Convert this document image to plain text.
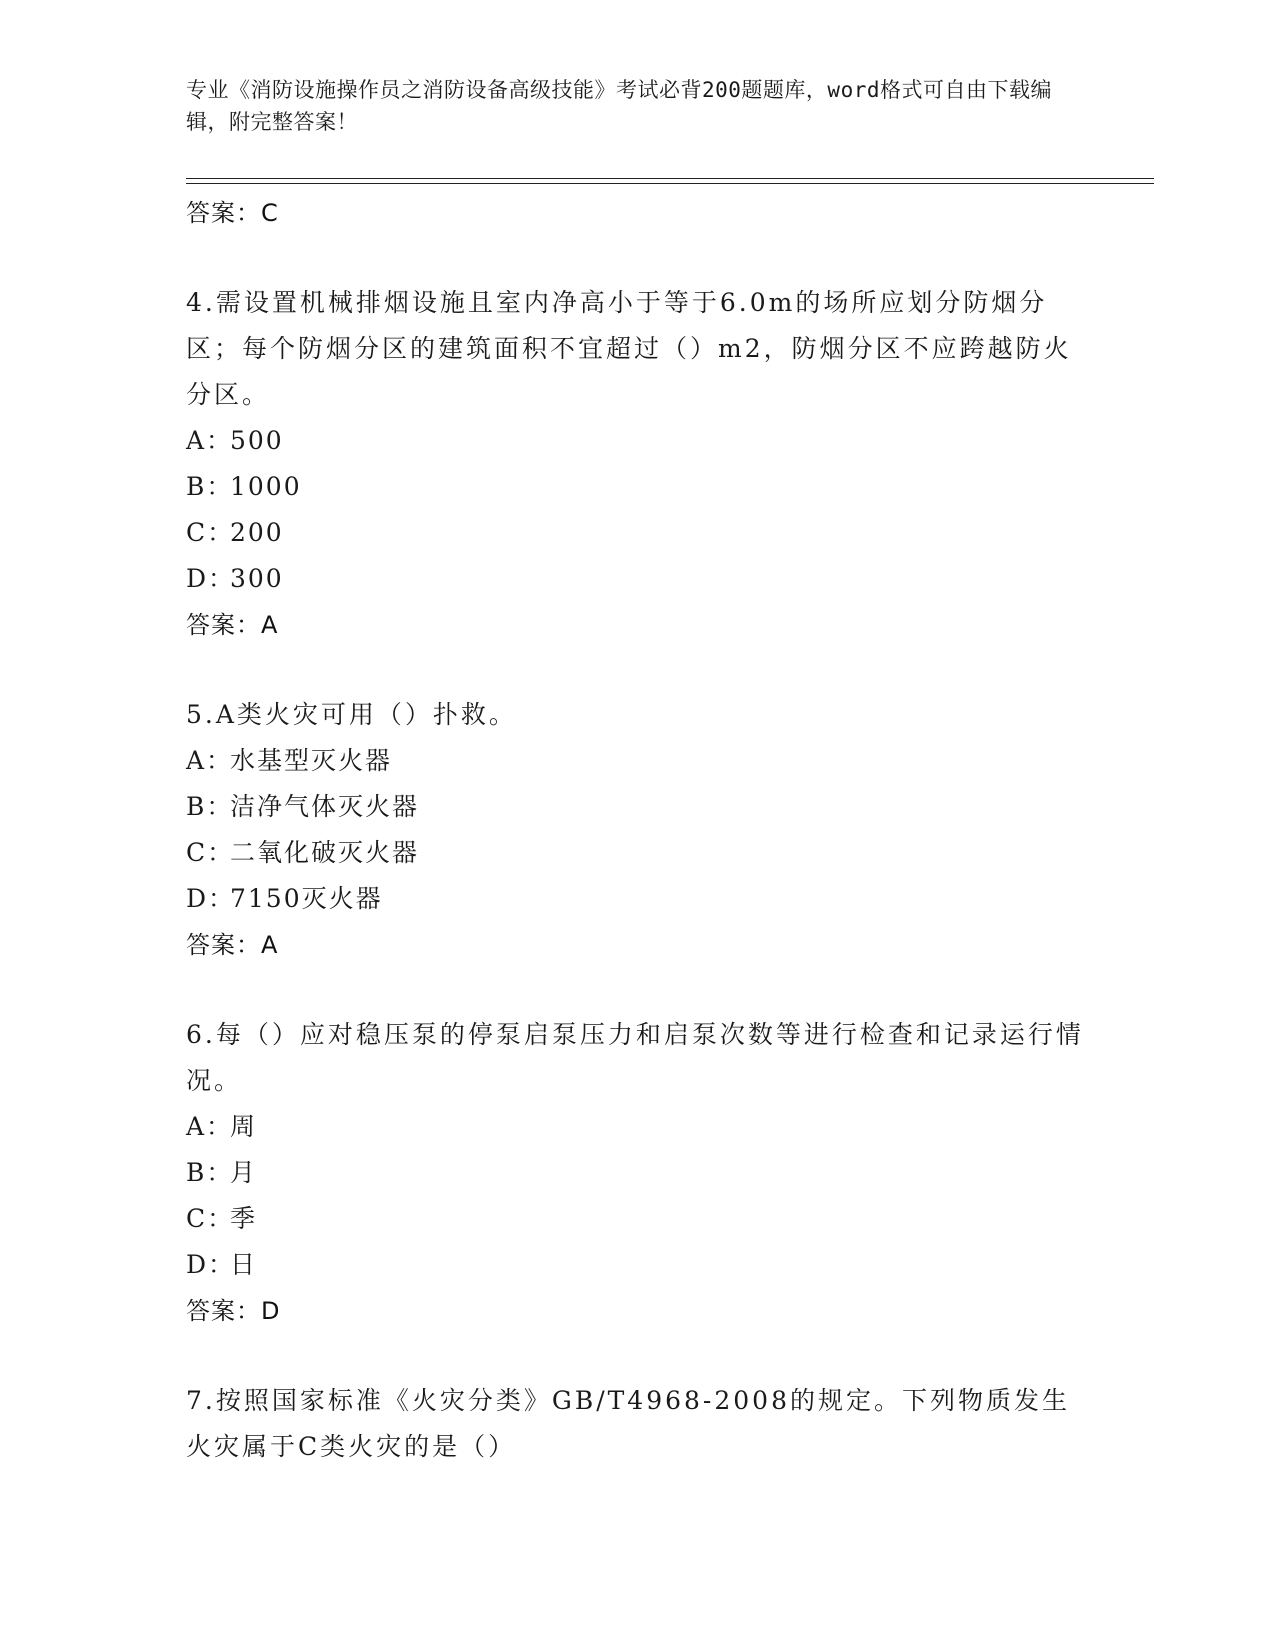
专业《消防设施操作员之消防设备高级技能》考试必背200题题库，word格式可自由下载编辑，附完整答案！
答案：C

4.需设置机械排烟设施且室内净高小于等于6.0m的场所应划分防烟分区；每个防烟分区的建筑面积不宜超过（）m2，防烟分区不应跨越防火分区。

A：500
B：1000
C：200
D：300
答案：A

5.A类火灾可用（）扑救。

A：水基型灭火器
B：洁净气体灭火器
C：二氧化破灭火器
D：7150灭火器
答案：A

6.每（）应对稳压泵的停泵启泵压力和启泵次数等进行检查和记录运行情况。

A：周
B：月
C：季
D：日
答案：D

7.按照国家标准《火灾分类》GB/T4968-2008的规定。下列物质发生火灾属于C类火灾的是（）
